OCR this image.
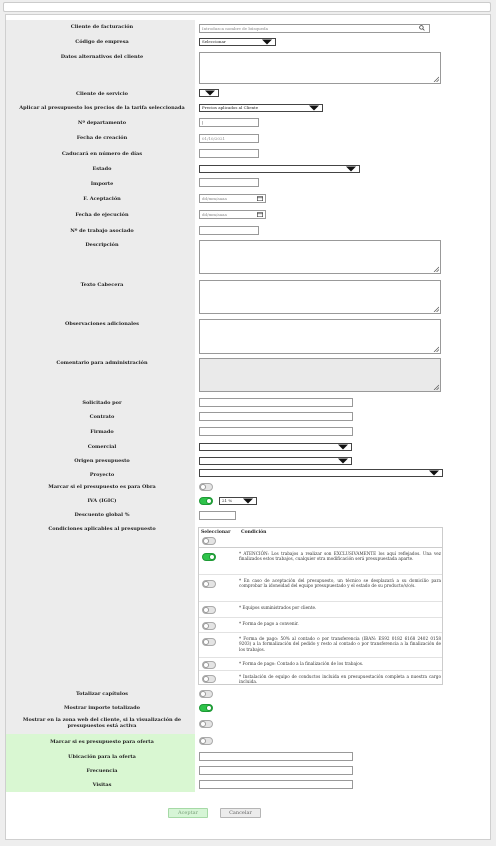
Cliente de facturación	Introduzca nombre de búsqueda
Código de empresa	Seleccionar
Datos alternativos del cliente
Cliente de servicio
Aplicar al presupuesto los precios de la tarifa seleccionada	Precios aplicados al Cliente
Nº departamento	|
Fecha de creación	01/10/2021
Caducará en número de días
Estado
Importe
F. Aceptación	dd/mm/aaaa
Fecha de ejecución	dd/mm/aaaa
Nº de trabajo asociado
Descripción
Texto Cabecera
Observaciones adicionales
Comentario para administración
Solicitado por
Contrato
Firmado
Comercial
Origen presupuesto
Proyecto
Marcar si el presupuesto es para Obra
IVA (IGIC)	21 %
Descuento global %
Condiciones aplicables al presupuesto
Seleccionar Condición
* ATENCIÓN: Los trabajos a realizar son EXCLUSIVAMENTE los aquí reflejados. Una vez finalizados estos trabajos, cualquier otra modificación será presupuestada aparte.
* En caso de aceptación del presupuesto, un técnico se desplazará a su domicilio para comprobar la idoneidad del equipo presupuestado y el estado de su producto/s/o/s.
* Equipos suministrados por cliente.
* Forma de pago a convenir.
* Forma de pago: 50% al contado o por transferencia (IBAN: ES92 0182 6168 2402 0158 9203) a la formalización del pedido y resto al contado o por transferencia a la finalización de los trabajos.
* Forma de pago: Contado a la finalización de los trabajos.
* Instalación de equipo de conductos incluida en presupuestación completa a nuestra cargo incluida.
Totalizar capítulos
Mostrar importe totalizado
Mostrar en la zona web del cliente, si la visualización de presupuestos está activa
Marcar si es presupuesto para oferta
Ubicación para la oferta
Frecuencia
Visitas
Aceptar	Cancelar
